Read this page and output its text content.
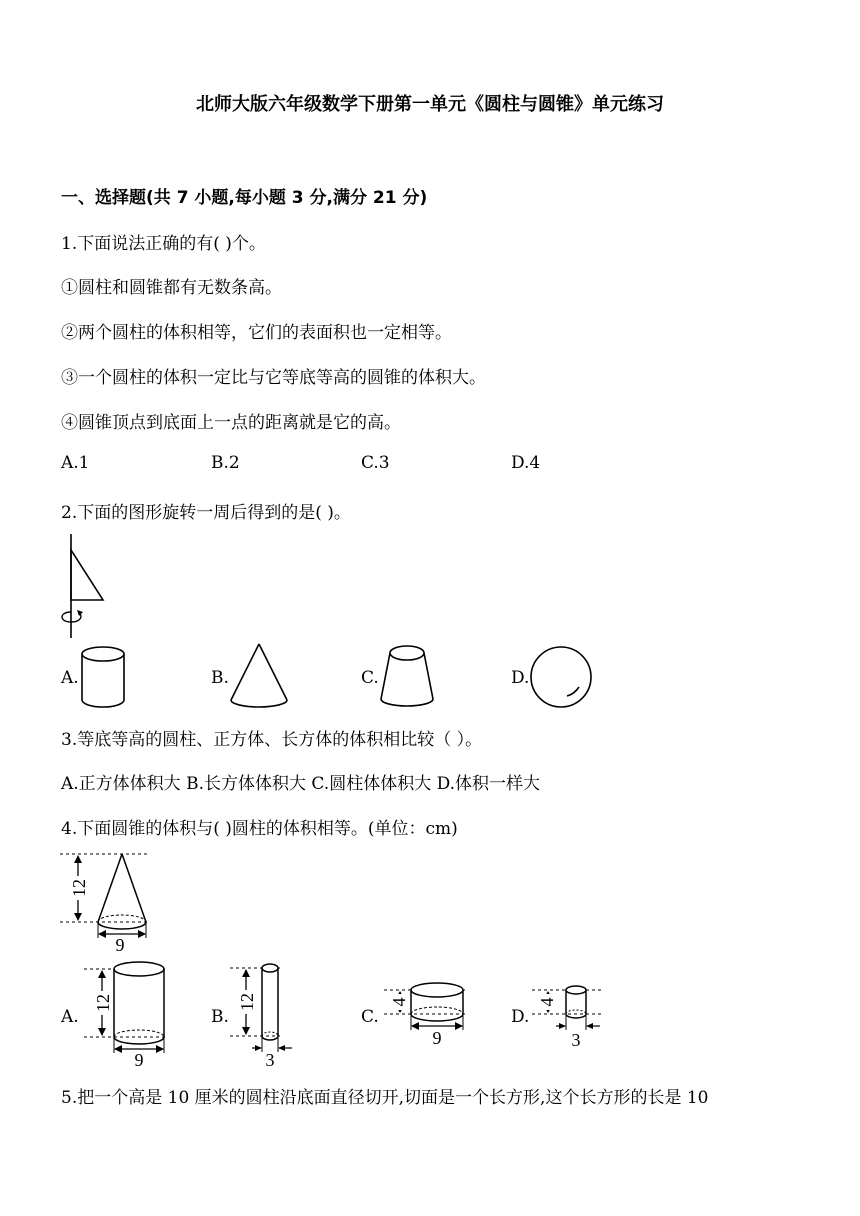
北师大版六年级数学下册第一单元《圆柱与圆锥》单元练习
一、选择题(共 7 小题,每小题 3 分,满分 21 分)
1.下面说法正确的有( )个。
①圆柱和圆锥都有无数条高。
②两个圆柱的体积相等，它们的表面积也一定相等。
③一个圆柱的体积一定比与它等底等高的圆锥的体积大。
④圆锥顶点到底面上一点的距离就是它的高。
A.1	B.2	C.3	D.4
2.下面的图形旋转一周后得到的是( )。
A.	B.	C.	D.
3.等底等高的圆柱、正方体、长方体的体积相比较（ ）。
A.正方体体积大 B.长方体体积大 C.圆柱体体积大 D.体积一样大
4.下面圆锥的体积与( )圆柱的体积相等。(单位：cm)
12
9
A.
12
9
B.
12
3
C.
4
9
D.
4
3
5.把一个高是 10 厘米的圆柱沿底面直径切开,切面是一个长方形,这个长方形的长是 10
